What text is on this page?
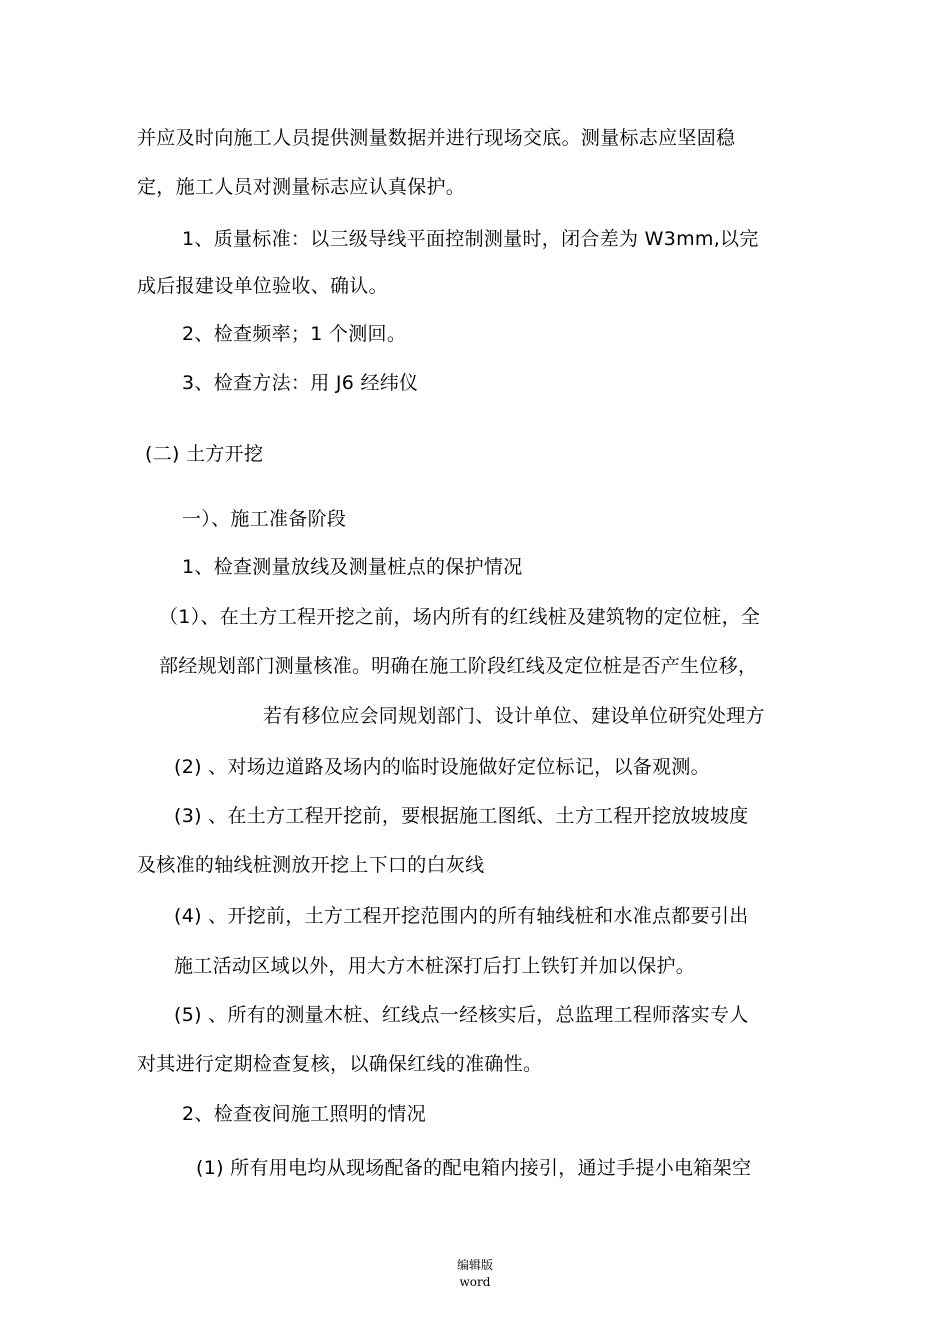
并应及时向施工人员提供测量数据并进行现场交底。测量标志应坚固稳
定，施工人员对测量标志应认真保护。
1、质量标准：以三级导线平面控制测量时，闭合差为 W3mm,以完
成后报建设单位验收、确认。
2、检查频率；1 个测回。
3、检查方法：用 J6 经纬仪
(二) 土方开挖
一）、施工准备阶段
1、检查测量放线及测量桩点的保护情况
（1）、在土方工程开挖之前，场内所有的红线桩及建筑物的定位桩，全
部经规划部门测量核准。明确在施工阶段红线及定位桩是否产生位移，
若有移位应会同规划部门、设计单位、建设单位研究处理方
(2) 、对场边道路及场内的临时设施做好定位标记，以备观测。
(3) 、在土方工程开挖前，要根据施工图纸、土方工程开挖放坡坡度
及核准的轴线桩测放开挖上下口的白灰线
(4) 、开挖前，土方工程开挖范围内的所有轴线桩和水准点都要引出
施工活动区域以外，用大方木桩深打后打上铁钉并加以保护。
(5) 、所有的测量木桩、红线点一经核实后，总监理工程师落实专人
对其进行定期检查复核，以确保红线的准确性。
2、检查夜间施工照明的情况
(1) 所有用电均从现场配备的配电箱内接引，通过手提小电箱架空
编辑版
word
